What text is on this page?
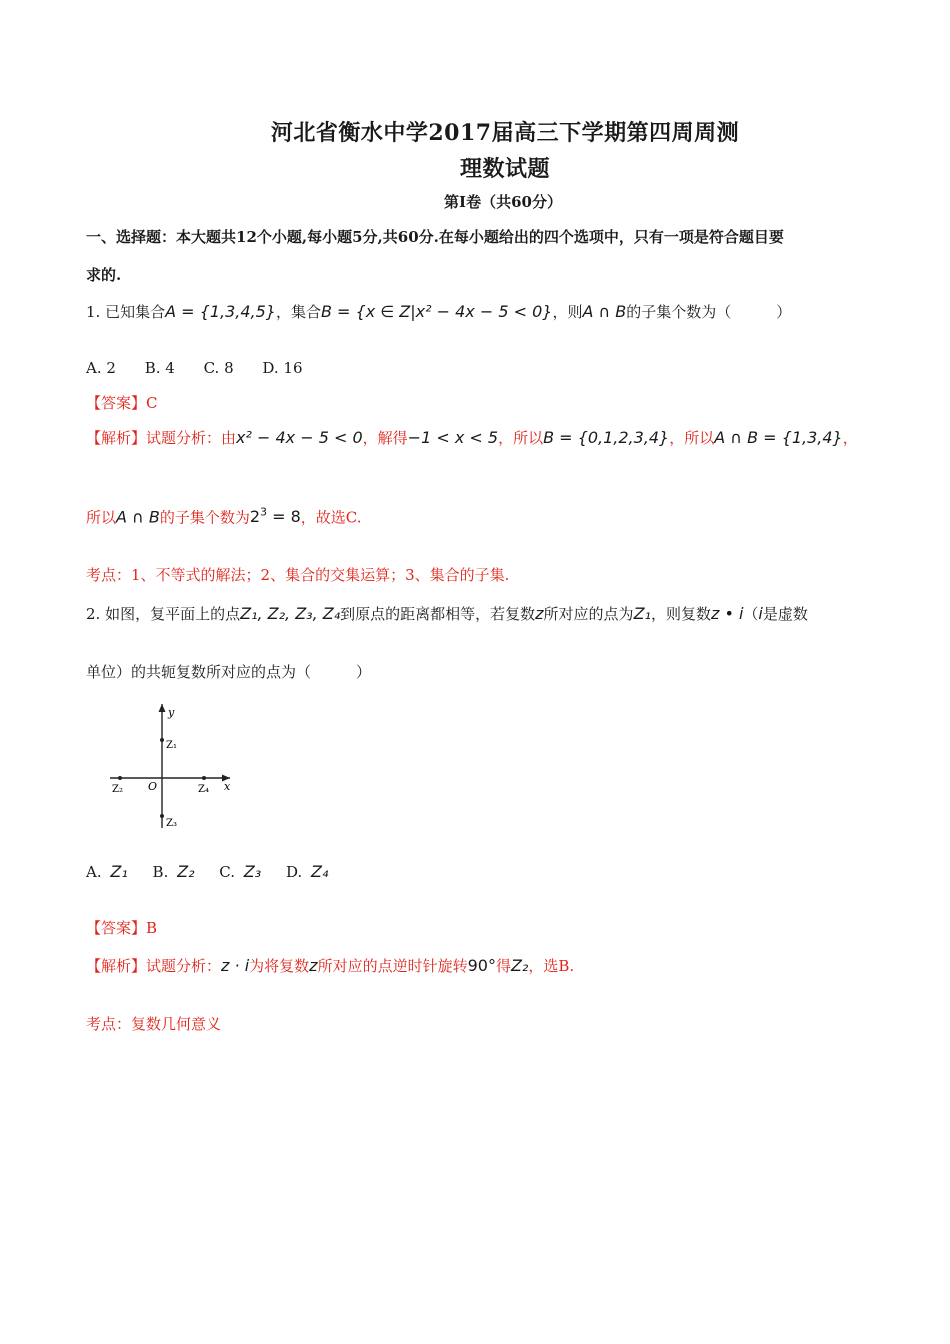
河北省衡水中学2017届高三下学期第四周周测
理数试题
第Ⅰ卷（共60分）
一、选择题：本大题共12个小题,每小题5分,共60分.在每小题给出的四个选项中，只有一项是符合题目要
求的.
1. 已知集合A = {1,3,4,5}，集合B = {x ∈ Z|x² − 4x − 5 < 0}，则A ∩ B的子集个数为（　　　）
A. 2 B. 4 C. 8 D. 16
【答案】C
【解析】试题分析：由x² − 4x − 5 < 0，解得−1 < x < 5，所以B = {0,1,2,3,4}，所以A ∩ B = {1,3,4}，
所以A ∩ B的子集个数为$2^3 = 8$，故选C.
考点：1、不等式的解法；2、集合的交集运算；3、集合的子集.
2. 如图，复平面上的点Z₁, Z₂, Z₃, Z₄到原点的距离都相等，若复数z所对应的点为Z₁，则复数z • i（i是虚数
单位）的共轭复数所对应的点为（　　　）
y
x
O
Z₁
Z₂
Z₃
Z₄
A. Z₁ B. Z₂ C. Z₃ D. Z₄
【答案】B
【解析】试题分析：z · i为将复数z所对应的点逆时针旋转90°得Z₂，选B.
考点：复数几何意义
